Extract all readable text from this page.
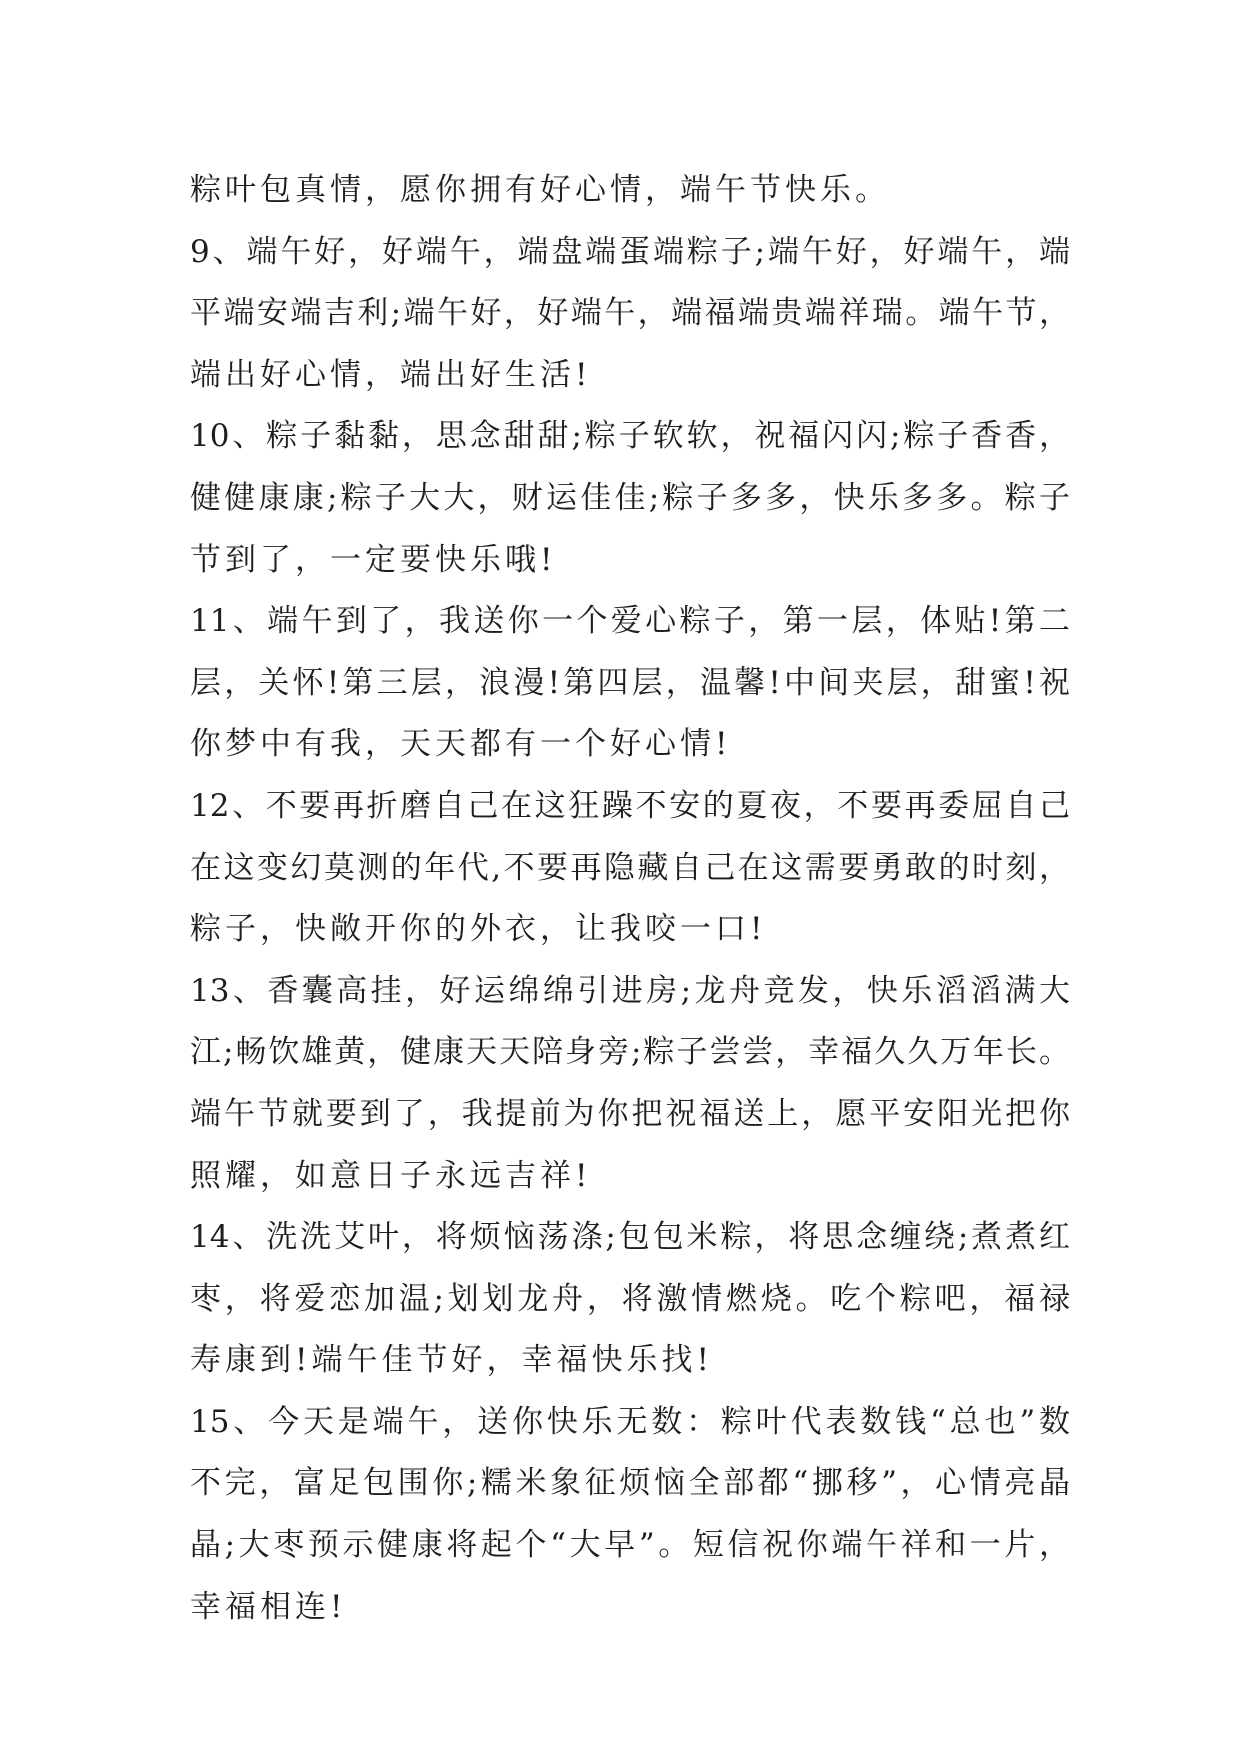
粽叶包真情，愿你拥有好心情，端午节快乐。
9、端午好，好端午，端盘端蛋端粽子;端午好，好端午，端
平端安端吉利;端午好，好端午，端福端贵端祥瑞。端午节，
端出好心情，端出好生活!
10、粽子黏黏，思念甜甜;粽子软软，祝福闪闪;粽子香香，
健健康康;粽子大大，财运佳佳;粽子多多，快乐多多。粽子
节到了，一定要快乐哦!
11、端午到了，我送你一个爱心粽子，第一层，体贴!第二
层，关怀!第三层，浪漫!第四层，温馨!中间夹层，甜蜜!祝
你梦中有我，天天都有一个好心情!
12、不要再折磨自己在这狂躁不安的夏夜，不要再委屈自己
在这变幻莫测的年代,不要再隐藏自己在这需要勇敢的时刻，
粽子，快敞开你的外衣，让我咬一口!
13、香囊高挂，好运绵绵引进房;龙舟竞发，快乐滔滔满大
江;畅饮雄黄，健康天天陪身旁;粽子尝尝，幸福久久万年长。
端午节就要到了，我提前为你把祝福送上，愿平安阳光把你
照耀，如意日子永远吉祥!
14、洗洗艾叶，将烦恼荡涤;包包米粽，将思念缠绕;煮煮红
枣，将爱恋加温;划划龙舟，将激情燃烧。吃个粽吧，福禄
寿康到!端午佳节好，幸福快乐找!
15、今天是端午，送你快乐无数：粽叶代表数钱“总也”数
不完，富足包围你;糯米象征烦恼全部都“挪移”，心情亮晶
晶;大枣预示健康将起个“大早”。短信祝你端午祥和一片，
幸福相连!
